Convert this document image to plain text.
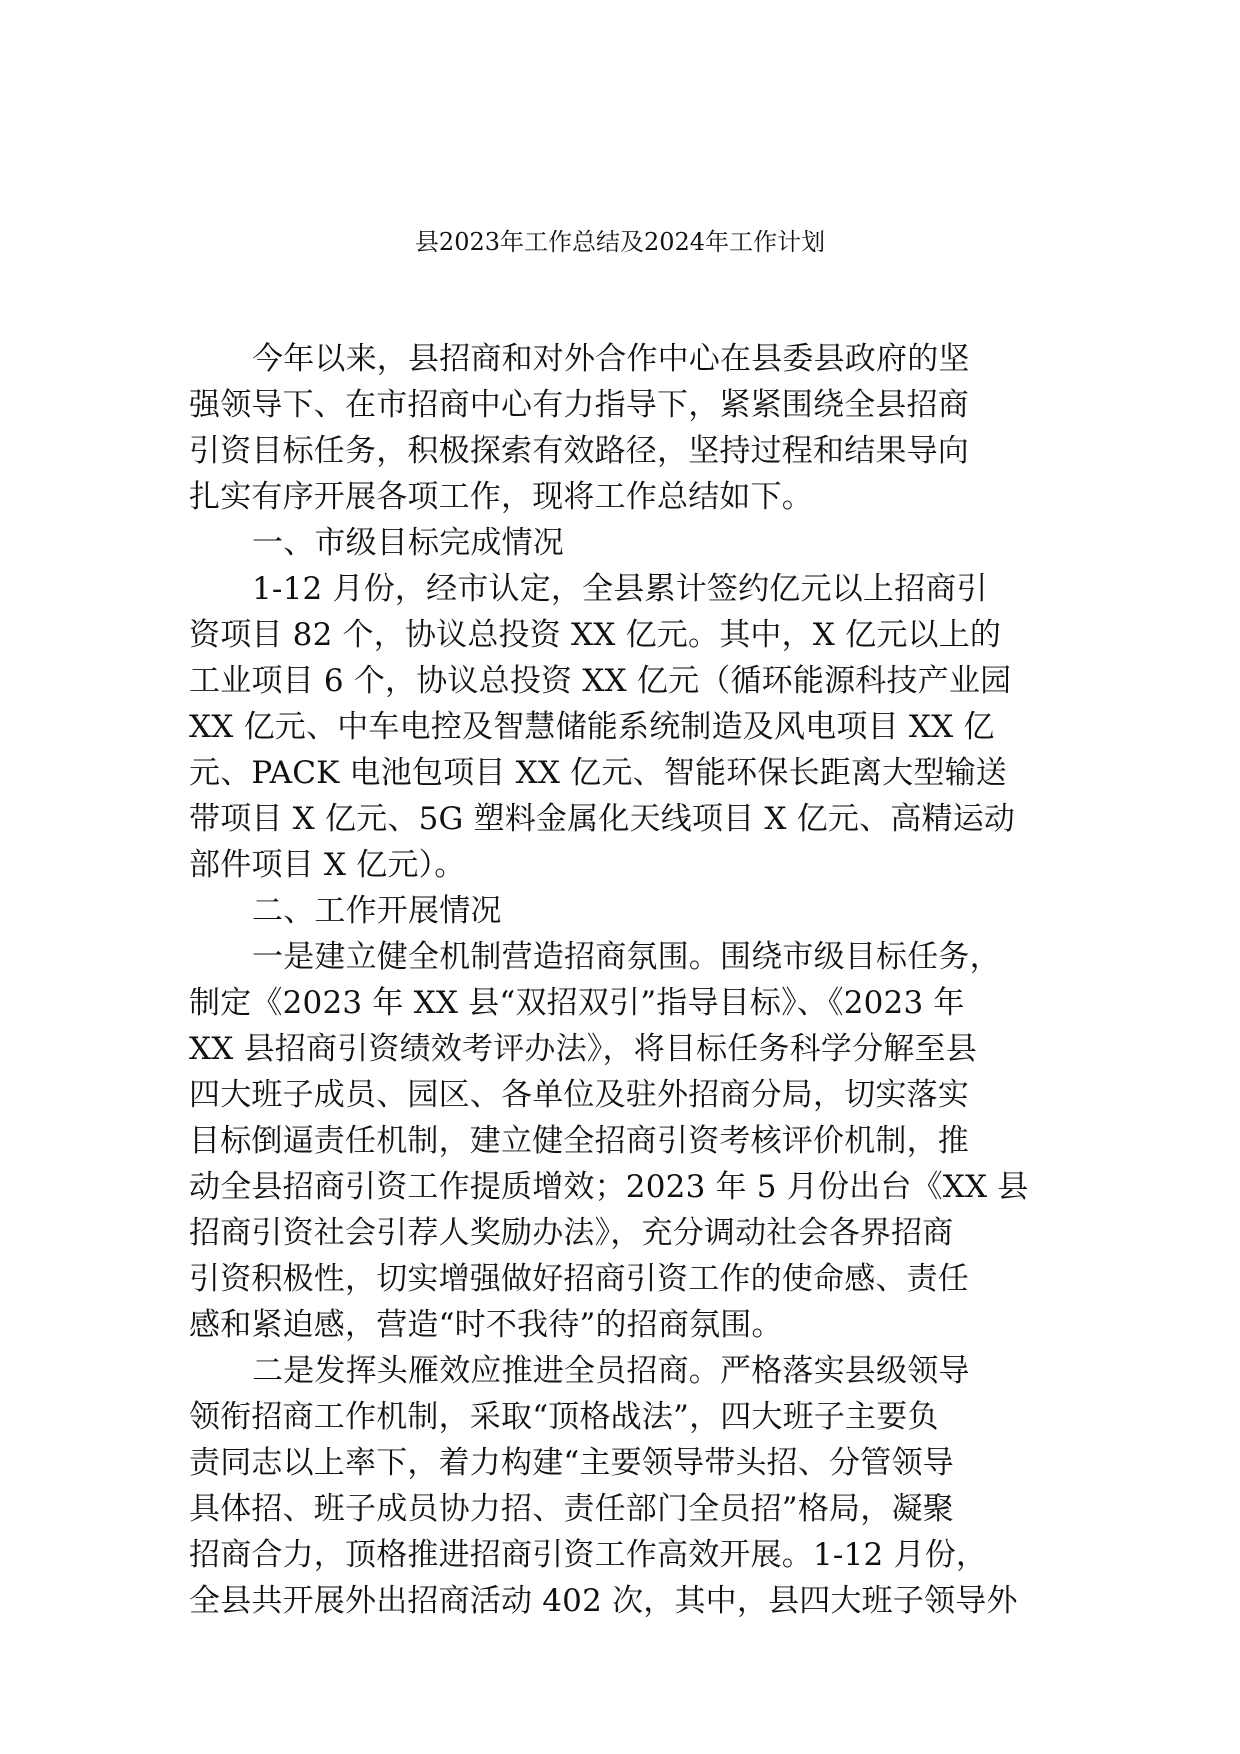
县2023年工作总结及2024年工作计划
今年以来，县招商和对外合作中心在县委县政府的坚
强领导下、在市招商中心有力指导下，紧紧围绕全县招商
引资目标任务，积极探索有效路径，坚持过程和结果导向
扎实有序开展各项工作，现将工作总结如下。
一、市级目标完成情况
1-12 月份，经市认定，全县累计签约亿元以上招商引
资项目 82 个，协议总投资 XX 亿元。其中，X 亿元以上的
工业项目 6 个，协议总投资 XX 亿元（循环能源科技产业园
XX 亿元、中车电控及智慧储能系统制造及风电项目 XX 亿
元、PACK 电池包项目 XX 亿元、智能环保长距离大型输送
带项目 X 亿元、5G 塑料金属化天线项目 X 亿元、高精运动
部件项目 X 亿元）。
二、工作开展情况
一是建立健全机制营造招商氛围。围绕市级目标任务，
制定《2023 年 XX 县“双招双引”指导目标》、《2023 年
XX 县招商引资绩效考评办法》，将目标任务科学分解至县
四大班子成员、园区、各单位及驻外招商分局，切实落实
目标倒逼责任机制，建立健全招商引资考核评价机制，推
动全县招商引资工作提质增效；2023 年 5 月份出台《XX 县
招商引资社会引荐人奖励办法》，充分调动社会各界招商
引资积极性，切实增强做好招商引资工作的使命感、责任
感和紧迫感，营造“时不我待”的招商氛围。
二是发挥头雁效应推进全员招商。严格落实县级领导
领衔招商工作机制，采取“顶格战法”，四大班子主要负
责同志以上率下，着力构建“主要领导带头招、分管领导
具体招、班子成员协力招、责任部门全员招”格局，凝聚
招商合力，顶格推进招商引资工作高效开展。1-12 月份，
全县共开展外出招商活动 402 次，其中，县四大班子领导外
